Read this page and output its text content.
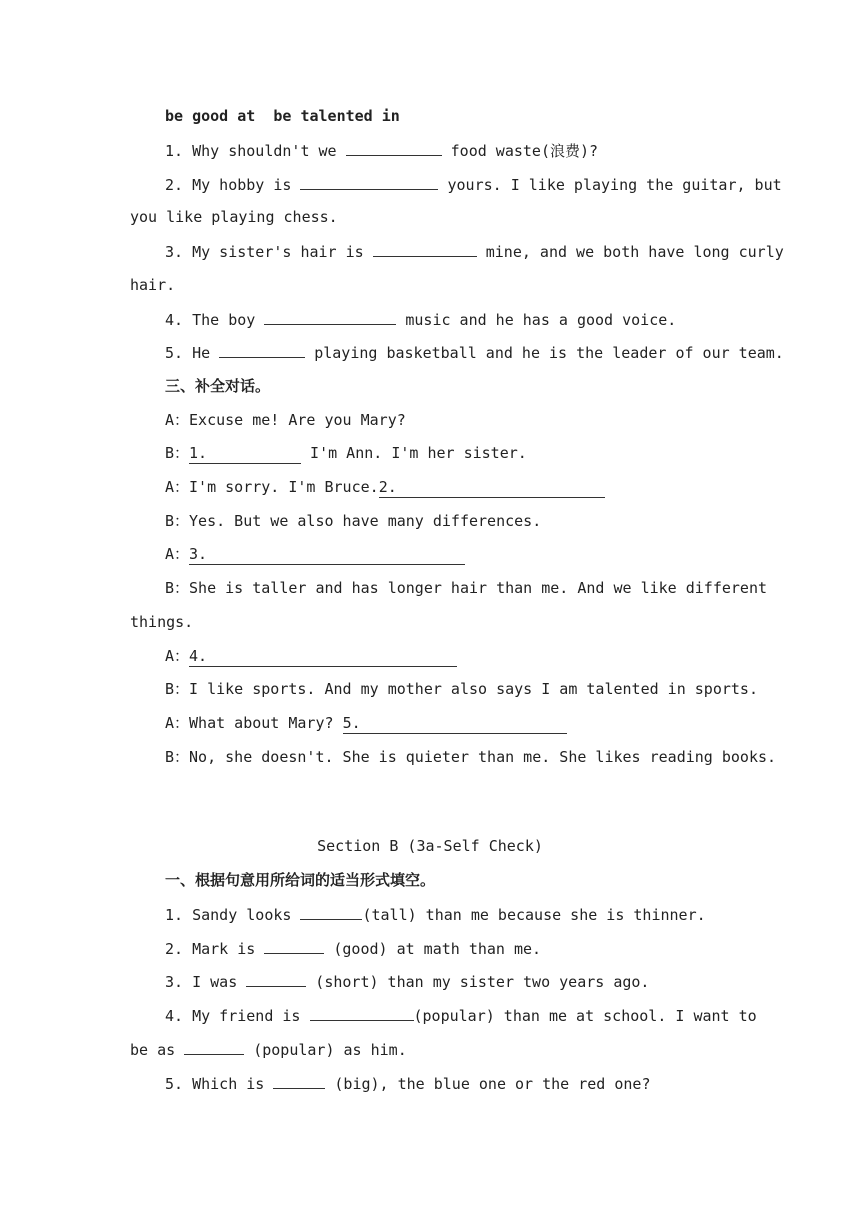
be good at  be talented in
1. Why shouldn't we	food waste(浪费)?
2. My hobby is	yours. I like playing the guitar, but
you like playing chess.
3. My sister's hair is	mine, and we both have long curly
hair.
4. The boy	music and he has a good voice.
5. He	playing basketball and he is the leader of our team.
三、补全对话。
A：Excuse me! Are you Mary?
B：1.	I'm Ann. I'm her sister.
A：I'm sorry. I'm Bruce.2.
B：Yes. But we also have many differences.
A：3.
B：She is taller and has longer hair than me. And we like different
things.
A：4.
B：I like sports. And my mother also says I am talented in sports.
A：What about Mary? 5.
B：No, she doesn't. She is quieter than me. She likes reading books.
Section B (3a-Self Check)
一、根据句意用所给词的适当形式填空。
1. Sandy looks	(tall) than me because she is thinner.
2. Mark is	(good) at math than me.
3. I was	(short) than my sister two years ago.
4. My friend is	(popular) than me at school. I want to
be as	(popular) as him.
5. Which is	(big), the blue one or the red one?
